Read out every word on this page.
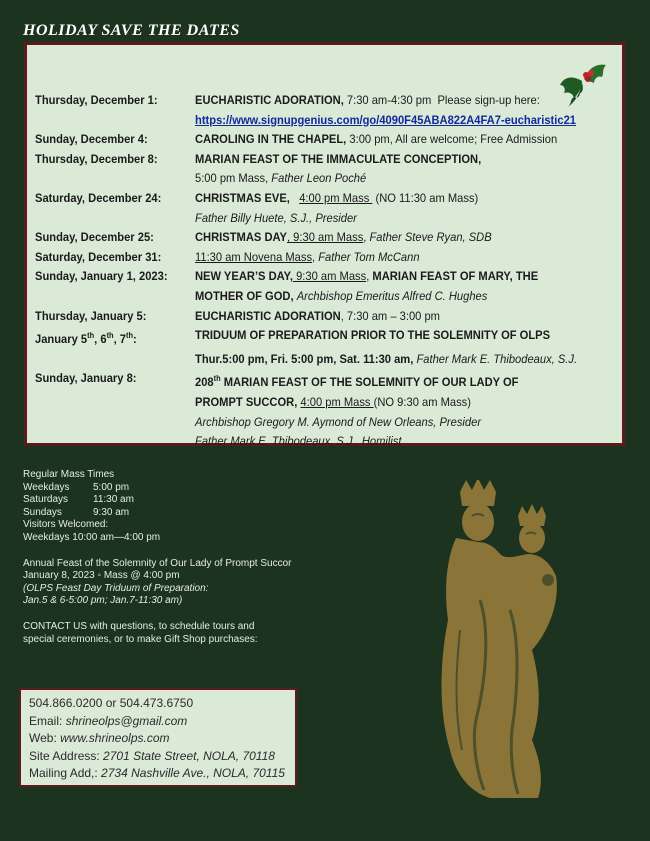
HOLIDAY SAVE THE DATES
Thursday, December 1:	EUCHARISTIC ADORATION, 7:30 am-4:30 pm  Please sign-up here:
https://www.signupgenius.com/go/4090F45ABA822A4FA7-eucharistic21
Sunday, December 4:	CAROLING IN THE CHAPEL, 3:00 pm, All are welcome; Free Admission
Thursday, December 8:	MARIAN FEAST OF THE IMMACULATE CONCEPTION,
5:00 pm Mass, Father Leon Poché
Saturday, December 24:	CHRISTMAS EVE, 4:00 pm Mass  (NO 11:30 am Mass)
Father Billy Huete, S.J., Presider
Sunday, December 25:	CHRISTMAS DAY, 9:30 am Mass, Father Steve Ryan, SDB
Saturday, December 31:	11:30 am Novena Mass, Father Tom McCann
Sunday, January 1, 2023:	NEW YEAR’S DAY, 9:30 am Mass, MARIAN FEAST OF MARY, THE
MOTHER OF GOD, Archbishop Emeritus Alfred C. Hughes
Thursday, January 5:	EUCHARISTIC ADORATION, 7:30 am – 3:00 pm
January 5th, 6th, 7th:	TRIDUUM OF PREPARATION PRIOR TO THE SOLEMNITY OF OLPS
Thur.5:00 pm, Fri. 5:00 pm, Sat. 11:30 am, Father Mark E. Thibodeaux, S.J.
Sunday, January 8:	208th MARIAN FEAST OF THE SOLEMNITY OF OUR LADY OF
PROMPT SUCCOR, 4:00 pm Mass (NO 9:30 am Mass)
Archbishop Gregory M. Aymond of New Orleans, Presider
Father Mark E. Thibodeaux, S.J., Homilist

Regular Mass Times

Weekdays	5:00 pm
Saturdays	11:30 am
Sundays	9:30 am

Visitors Welcomed:

Weekdays 10:00 am—4:00 pm

Annual Feast of the Solemnity of Our Lady of Prompt Succor

January 8, 2023 ◦ Mass @ 4:00 pm

(OLPS Feast Day Triduum of Preparation:

Jan.5 & 6-5:00 pm; Jan.7-11:30 am)

CONTACT US with questions, to schedule tours and

special ceremonies, or to make Gift Shop purchases:

504.866.0200 or 504.473.6750

Email: shrineolps@gmail.com

Web: www.shrineolps.com

Site Address: 2701 State Street, NOLA, 70118

Mailing Add,: 2734 Nashville Ave., NOLA, 70115
